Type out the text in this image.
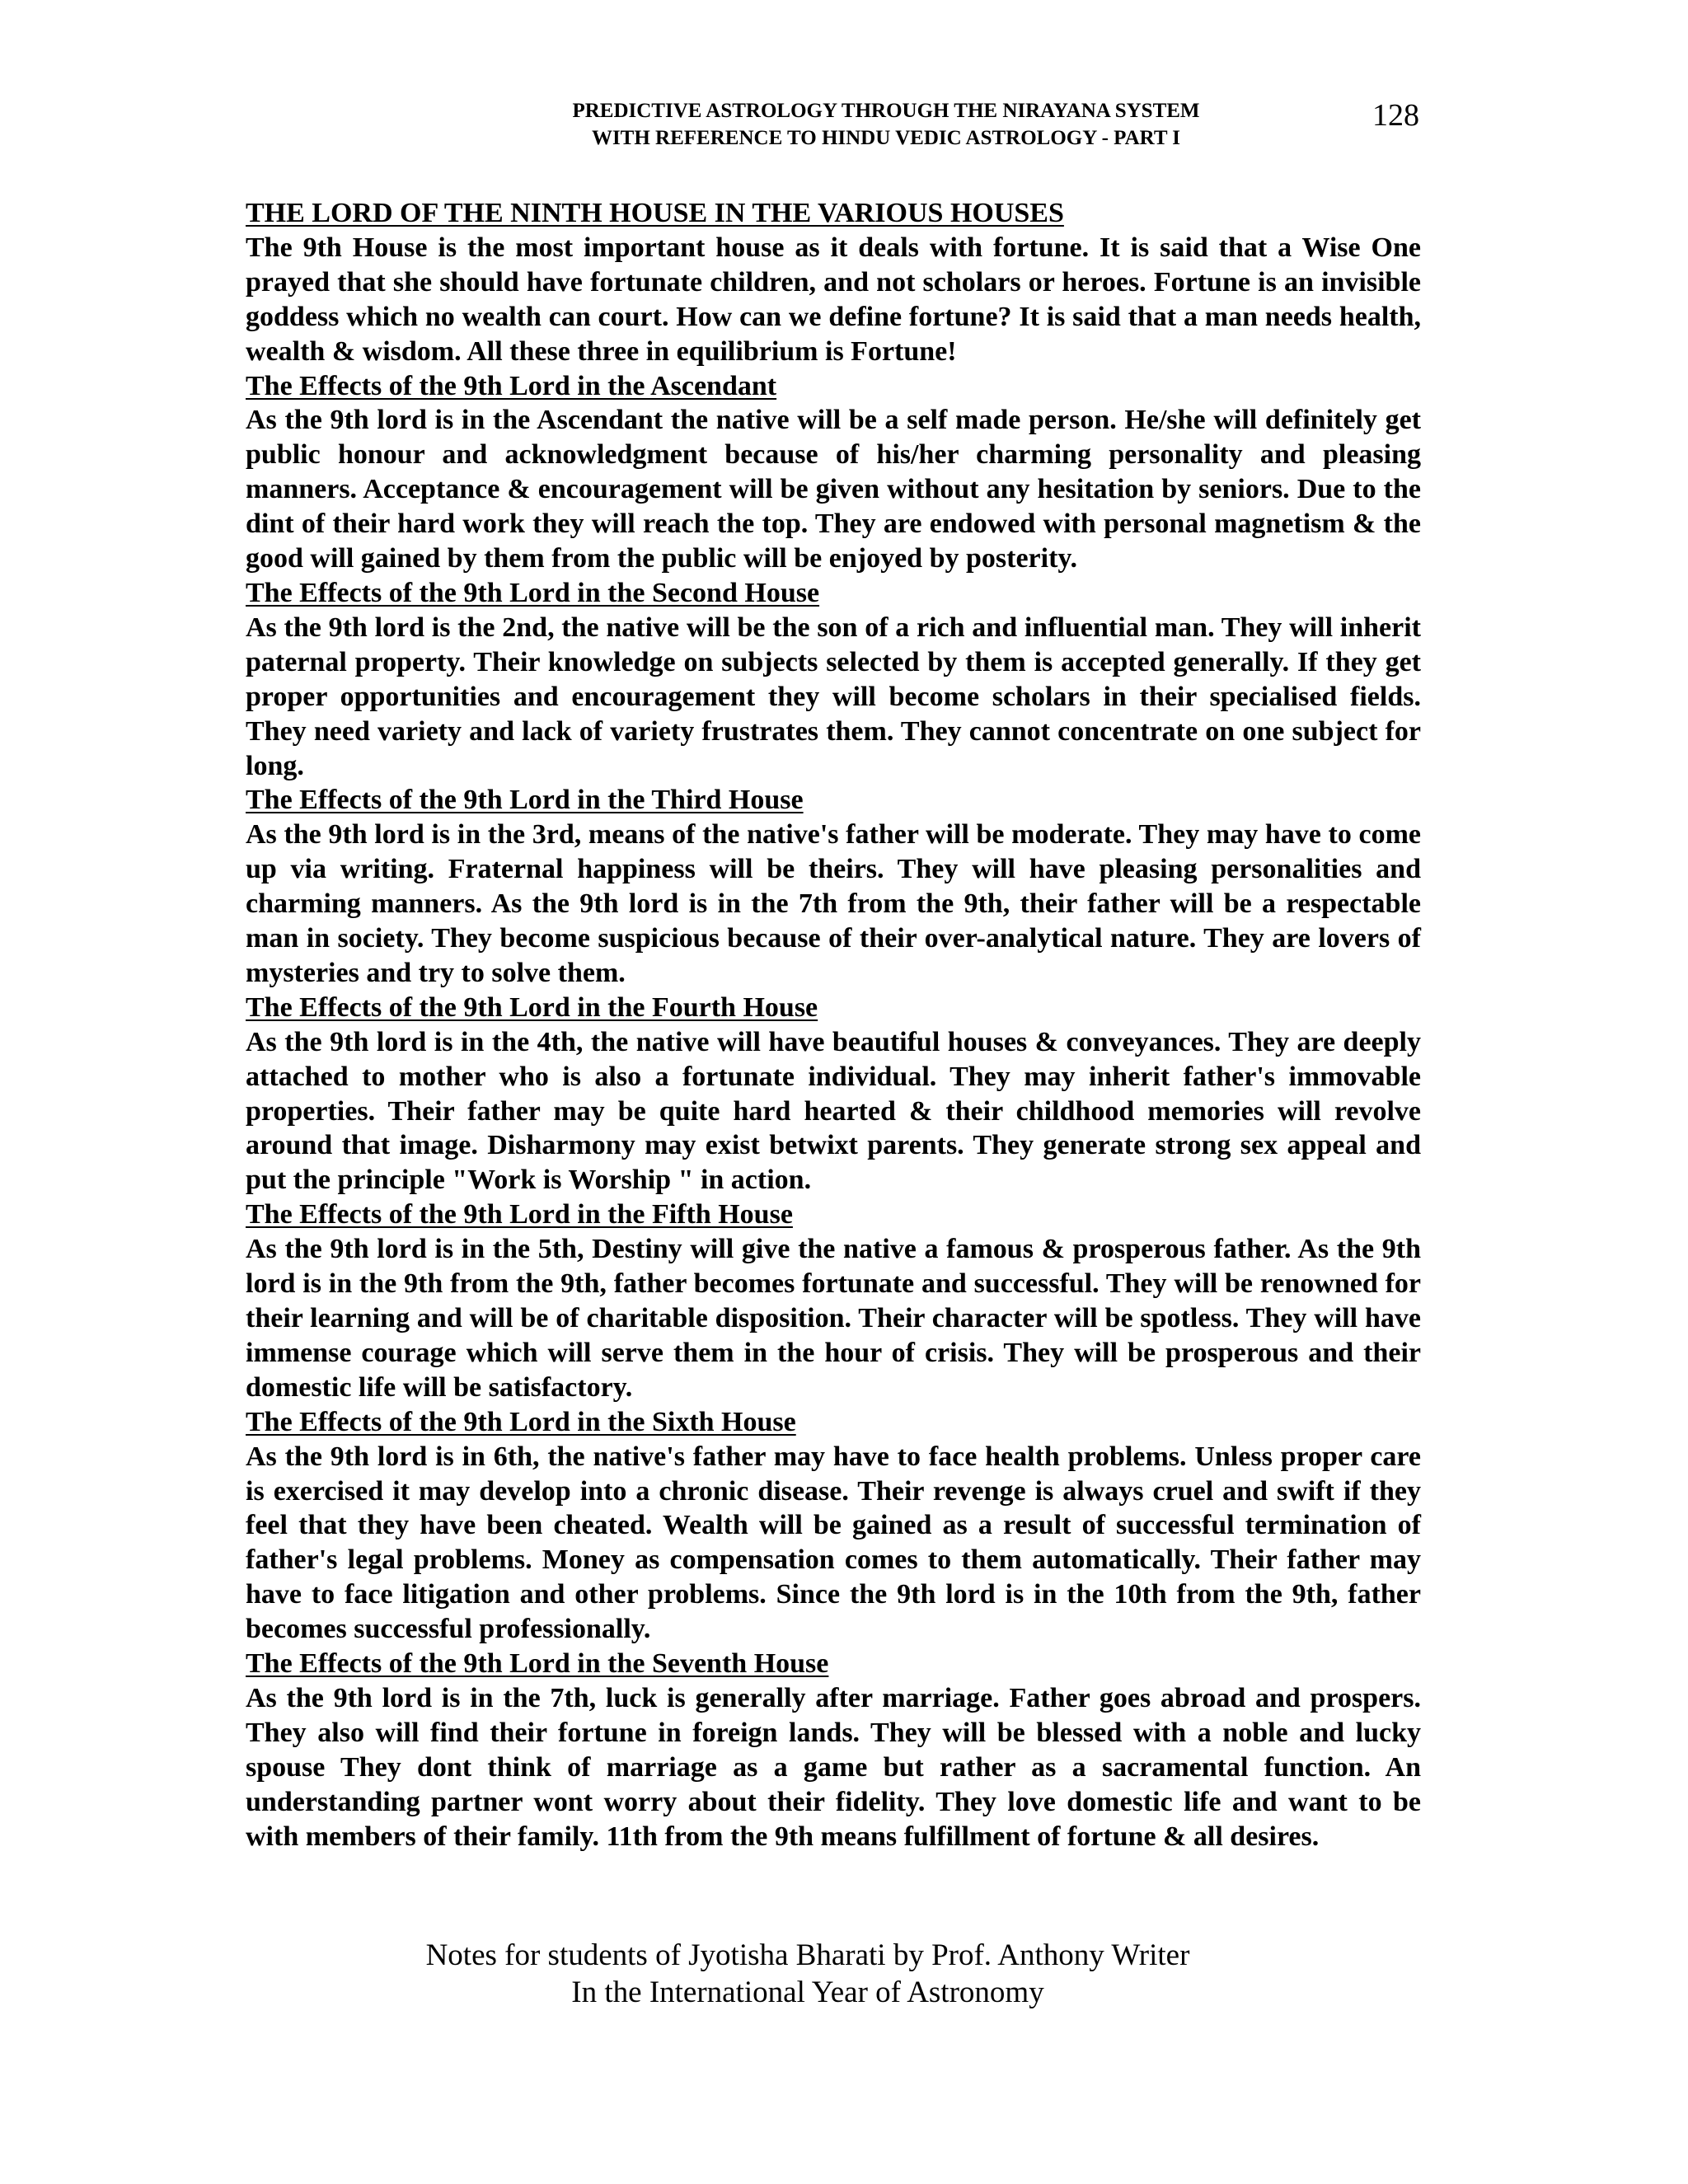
PREDICTIVE ASTROLOGY THROUGH THE NIRAYANA SYSTEM
WITH REFERENCE TO HINDU VEDIC ASTROLOGY - PART I
128
THE LORD OF THE NINTH HOUSE IN THE VARIOUS HOUSES

The 9th House is the most important house as it deals with fortune. It is said that a Wise One prayed that she should have fortunate children, and not scholars or heroes. Fortune is an invisible goddess which no wealth can court. How can we define fortune? It is said that a man needs health, wealth & wisdom. All these three in equilibrium is Fortune!

The Effects of the 9th Lord in the Ascendant

As the 9th lord is in the Ascendant the native will be a self made person. He/she will definitely get public honour and acknowledgment because of his/her charming personality and pleasing manners. Acceptance & encouragement will be given without any hesitation by seniors. Due to the dint of their hard work they will reach the top. They are endowed with personal magnetism & the good will gained by them from the public will be enjoyed by posterity.

The Effects of the 9th Lord in the Second House

As the 9th lord is the 2nd, the native will be the son of a rich and influential man. They will inherit paternal property. Their knowledge on subjects selected by them is accepted generally. If they get proper opportunities and encouragement they will become scholars in their specialised fields. They need variety and lack of variety frustrates them. They cannot concentrate on one subject for long.

The Effects of the 9th Lord in the Third House

As the 9th lord is in the 3rd, means of the native's father will be moderate. They may have to come up via writing. Fraternal happiness will be theirs. They will have pleasing personalities and charming manners. As the 9th lord is in the 7th from the 9th, their father will be a respectable man in society. They become suspicious because of their over-analytical nature. They are lovers of mysteries and try to solve them.

The Effects of the 9th Lord in the Fourth House

As the 9th lord is in the 4th, the native will have beautiful houses & conveyances. They are deeply attached to mother who is also a fortunate individual. They may inherit father's immovable properties. Their father may be quite hard hearted & their childhood memories will revolve around that image. Disharmony may exist betwixt parents. They generate strong sex appeal and put the principle "Work is Worship " in action.

The Effects of the 9th Lord in the Fifth House

As the 9th lord is in the 5th, Destiny will give the native a famous & prosperous father. As the 9th lord is in the 9th from the 9th, father becomes fortunate and successful. They will be renowned for their learning and will be of charitable disposition. Their character will be spotless. They will have immense courage which will serve them in the hour of crisis. They will be prosperous and their domestic life will be satisfactory.

The Effects of the 9th Lord in the Sixth House

As the 9th lord is in 6th, the native's father may have to face health problems. Unless proper care is exercised it may develop into a chronic disease. Their revenge is always cruel and swift if they feel that they have been cheated. Wealth will be gained as a result of successful termination of father's legal problems. Money as compensation comes to them automatically. Their father may have to face litigation and other problems. Since the 9th lord is in the 10th from the 9th, father becomes successful professionally.

The Effects of the 9th Lord in the Seventh House

As the 9th lord is in the 7th, luck is generally after marriage. Father goes abroad and prospers. They also will find their fortune in foreign lands. They will be blessed with a noble and lucky spouse They dont think of marriage as a game but rather as a sacramental function. An understanding partner wont worry about their fidelity. They love domestic life and want to be with members of their family. 11th from the 9th means fulfillment of fortune & all desires.

Notes for students of Jyotisha Bharati by Prof. Anthony Writer
In the International Year of Astronomy
